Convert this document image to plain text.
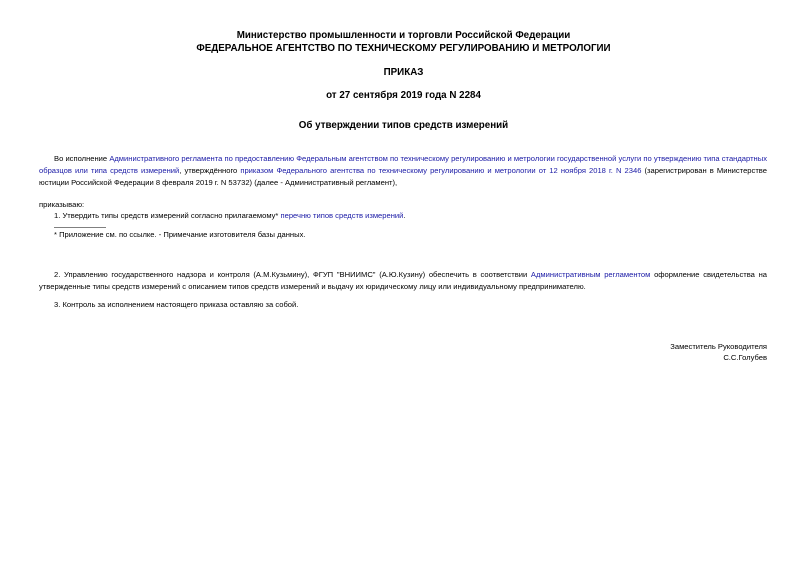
Министерство промышленности и торговли Российской Федерации
ФЕДЕРАЛЬНОЕ АГЕНТСТВО ПО ТЕХНИЧЕСКОМУ РЕГУЛИРОВАНИЮ И МЕТРОЛОГИИ
ПРИКАЗ
от 27 сентября 2019 года N 2284
Об утверждении типов средств измерений
Во исполнение Административного регламента по предоставлению Федеральным агентством по техническому регулированию и метрологии государственной услуги по утверждению типа стандартных образцов или типа средств измерений, утверждённого приказом Федерального агентства по техническому регулированию и метрологии от 12 ноября 2018 г. N 2346 (зарегистрирован в Министерстве юстиции Российской Федерации 8 февраля 2019 г. N 53732) (далее - Административный регламент),
приказываю:
1. Утвердить типы средств измерений согласно прилагаемому* перечню типов средств измерений.
* Приложение см. по ссылке. - Примечание изготовителя базы данных.
2. Управлению государственного надзора и контроля (А.М.Кузьмину), ФГУП "ВНИИМС" (А.Ю.Кузину) обеспечить в соответствии Административным регламентом оформление свидетельства на утвержденные типы средств измерений с описанием типов средств измерений и выдачу их юридическому лицу или индивидуальному предпринимателю.
3. Контроль за исполнением настоящего приказа оставляю за собой.
Заместитель Руководителя
С.С.Голубев
